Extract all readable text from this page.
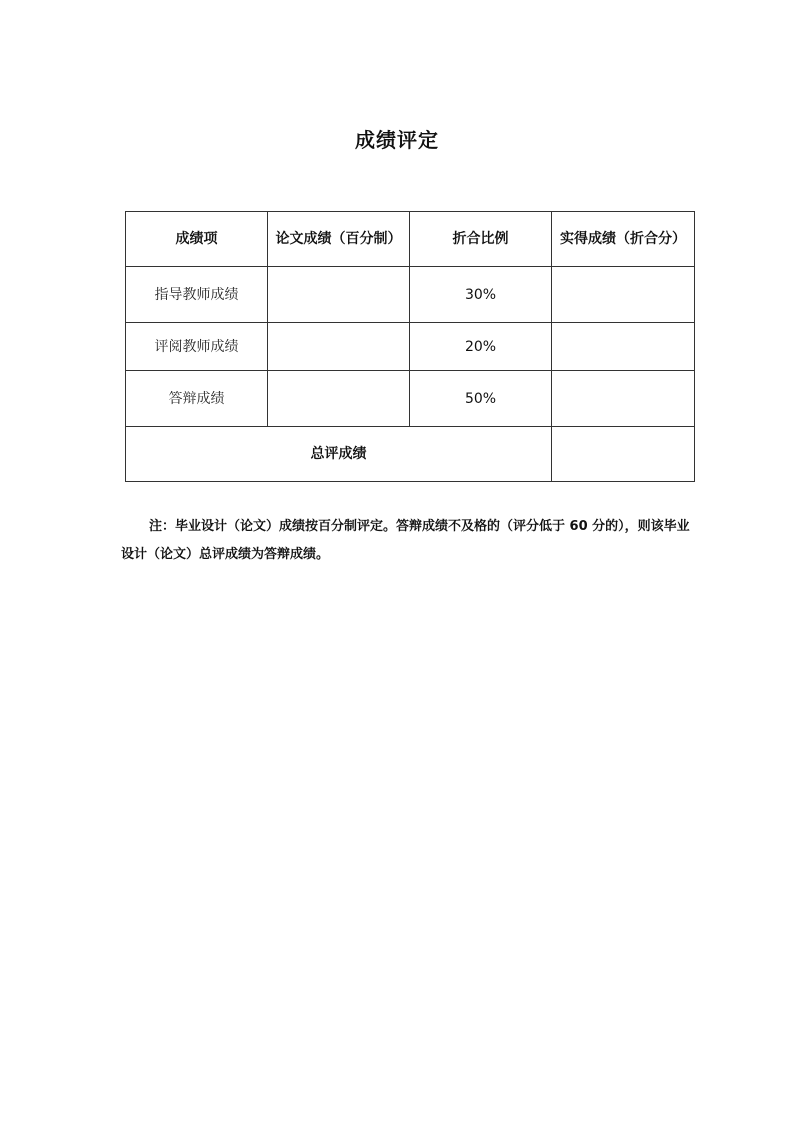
成绩评定
成绩项	论文成绩（百分制）	折合比例	实得成绩（折合分）
指导教师成绩		30%	
评阅教师成绩		20%	
答辩成绩		50%	
总评成绩			
注：毕业设计（论文）成绩按百分制评定。答辩成绩不及格的（评分低于 60 分的），则该毕业设计（论文）总评成绩为答辩成绩。
